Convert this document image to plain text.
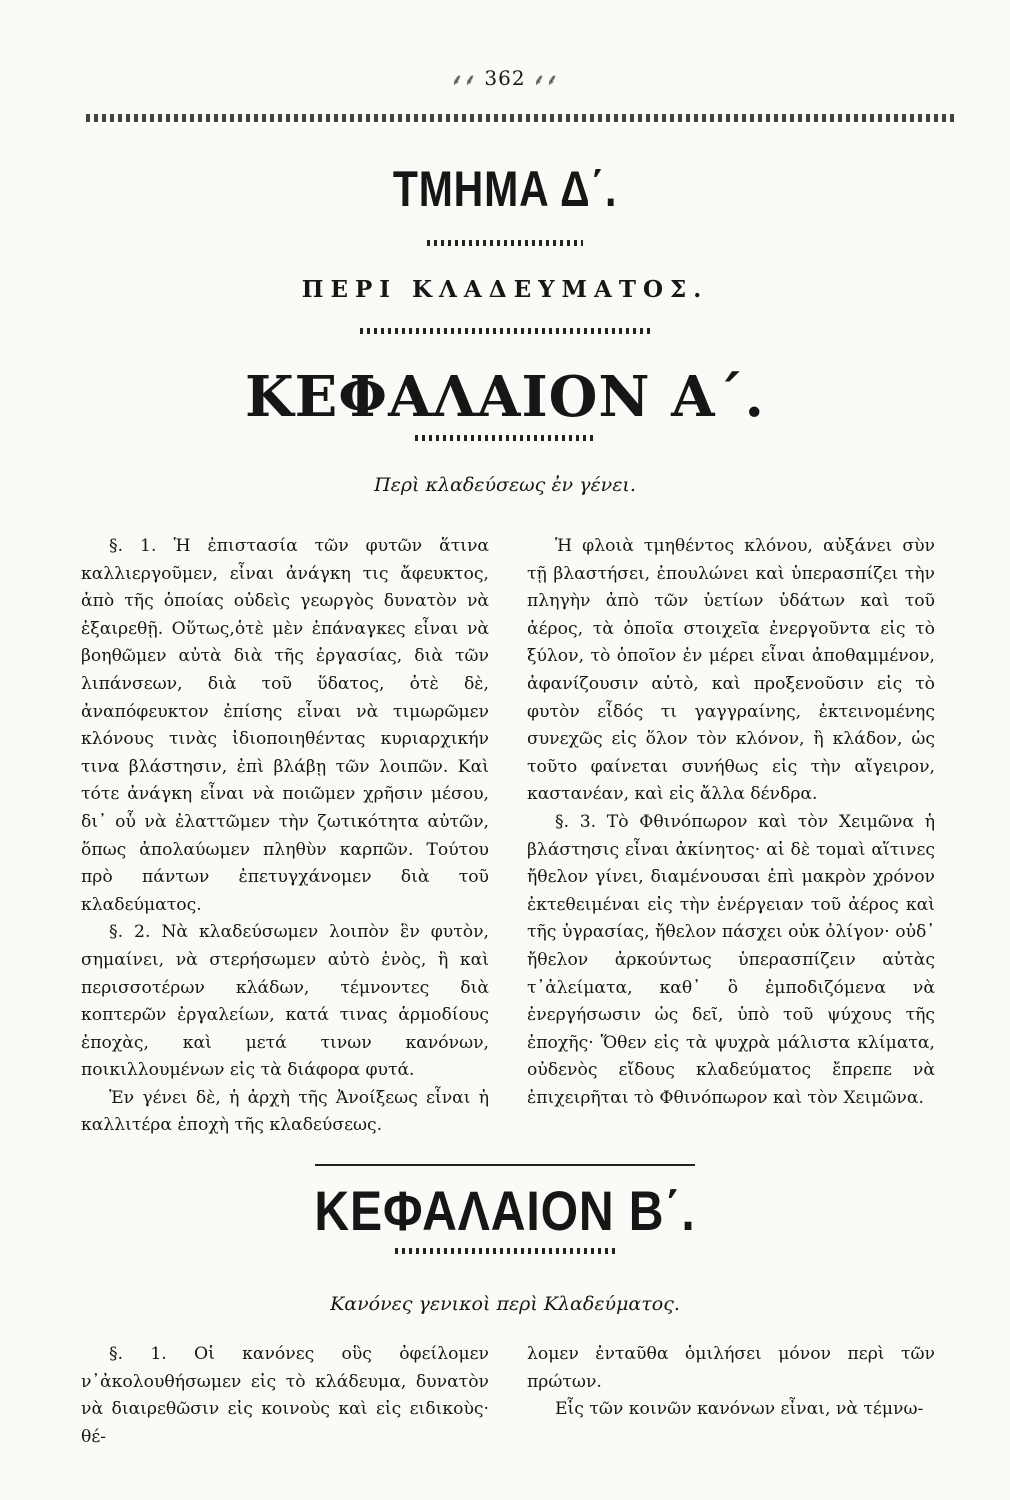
⸙⸙ 362 ⸙⸙
ΤΜΗΜΑ Δ΄.
ΠΕΡΙ ΚΛΑΔΕΥΜΑΤΟΣ.
ΚΕΦΑΛΑΙΟΝ Α΄.
Περὶ κλαδεύσεως ἐν γένει.

§. 1. Ἡ ἐπιστασία τῶν φυτῶν ἅτινα καλλιεργοῦμεν, εἶναι ἀνάγκη τις ἄφευκτος, ἀπὸ τῆς ὁποίας οὐδεὶς γεωργὸς δυνατὸν νὰ ἐξαιρεθῇ. Οὕτως,ὁτὲ μὲν ἐπάναγκες εἶναι νὰ βοηθῶμεν αὐτὰ διὰ τῆς ἐργασίας, διὰ τῶν λιπάνσεων, διὰ τοῦ ὕδατος, ὁτὲ δὲ, ἀναπόφευκτον ἐπίσης εἶναι νὰ τιμωρῶμεν κλόνους τινὰς ἰδιοποιηθέντας κυριαρχικήν τινα βλάστησιν, ἐπὶ βλάβῃ τῶν λοιπῶν. Καὶ τότε ἀνάγκη εἶναι νὰ ποιῶμεν χρῆσιν μέσου, δι᾽ οὗ νὰ ἐλαττῶμεν τὴν ζωτικότητα αὐτῶν, ὅπως ἀπολαύωμεν πληθὺν καρπῶν. Τούτου πρὸ πάντων ἐπετυγχάνομεν διὰ τοῦ κλαδεύματος.

§. 2. Νὰ κλαδεύσωμεν λοιπὸν ἓν φυτὸν, σημαίνει, νὰ στερήσωμεν αὐτὸ ἑνὸς, ἢ καὶ περισσοτέρων κλάδων, τέμνοντες διὰ κοπτερῶν ἐργαλείων, κατά τινας ἁρμοδίους ἐποχὰς, καὶ μετά τινων κανόνων, ποικιλλουμένων εἰς τὰ διάφορα φυτά.

Ἐν γένει δὲ, ἡ ἀρχὴ τῆς Ἀνοίξεως εἶναι ἡ καλλιτέρα ἐποχὴ τῆς κλαδεύσεως.

Ἡ φλοιὰ τμηθέντος κλόνου, αὐξάνει σὺν τῇ βλαστήσει, ἐπουλώνει καὶ ὑπερασπίζει τὴν πληγὴν ἀπὸ τῶν ὑετίων ὑδάτων καὶ τοῦ ἀέρος, τὰ ὁποῖα στοιχεῖα ἐνεργοῦντα εἰς τὸ ξύλον, τὸ ὁποῖον ἐν μέρει εἶναι ἀποθαμμένον, ἀφανίζουσιν αὐτὸ, καὶ προξενοῦσιν εἰς τὸ φυτὸν εἶδός τι γαγγραίνης, ἐκτεινομένης συνεχῶς εἰς ὅλον τὸν κλόνον, ἢ κλάδον, ὡς τοῦτο φαίνεται συνήθως εἰς τὴν αἴγειρον, καστανέαν, καὶ εἰς ἄλλα δένδρα.

§. 3. Τὸ Φθινόπωρον καὶ τὸν Χειμῶνα ἡ βλάστησις εἶναι ἀκίνητος· αἱ δὲ τομαὶ αἵτινες ἤθελον γίνει, διαμένουσαι ἐπὶ μακρὸν χρόνον ἐκτεθειμέναι εἰς τὴν ἐνέργειαν τοῦ ἀέρος καὶ τῆς ὑγρασίας, ἤθελον πάσχει οὐκ ὀλίγον· οὐδ᾽ ἤθελον ἀρκούντως ὑπερασπίζειν αὐτὰς τ᾽ἀλείματα, καθ᾽ ὃ ἐμποδιζόμενα νὰ ἐνεργήσωσιν ὡς δεῖ, ὑπὸ τοῦ ψύχους τῆς ἐποχῆς· Ὅθεν εἰς τὰ ψυχρὰ μάλιστα κλίματα, οὐδενὸς εἴδους κλαδεύματος ἔπρεπε νὰ ἐπιχειρῆται τὸ Φθινόπωρον καὶ τὸν Χειμῶνα.

ΚΕΦΑΛΑΙΟΝ Β΄.
Κανόνες γενικοὶ περὶ Κλαδεύματος.

§. 1. Οἱ κανόνες οὓς ὀφείλομεν ν᾽ἀκολουθήσωμεν εἰς τὸ κλάδευμα, δυνατὸν νὰ διαιρεθῶσιν εἰς κοινοὺς καὶ εἰς ειδικοὺς· θέ-

λομεν ἐνταῦθα ὁμιλήσει μόνον περὶ τῶν πρώτων.

Εἷς τῶν κοινῶν κανόνων εἶναι, νὰ τέμνω-
